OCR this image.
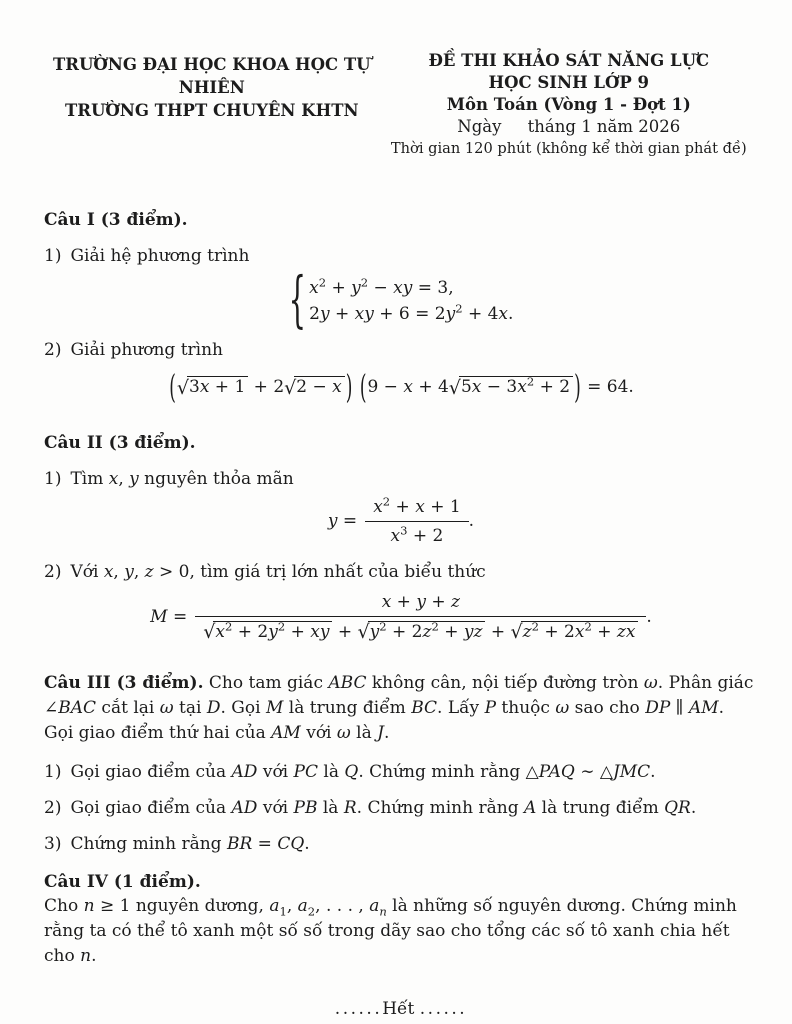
TRƯỜNG ĐẠI HỌC KHOA HỌC TỰ NHIÊN
TRƯỜNG THPT CHUYÊN KHTN
ĐỀ THI KHẢO SÁT NĂNG LỰC
HỌC SINH LỚP 9
Môn Toán (Vòng 1 - Đợt 1)
Ngày     tháng 1 năm 2026
Thời gian 120 phút (không kể thời gian phát đề)
Câu I (3 điểm).
1) Giải hệ phương trình
{ $x^2 + y^2$ − xy = 3,
2y + xy + $6 = 2y^2 + 4x$.
2) Giải phương trình
(√3x + 1 + 2√2 − x ) ($9 - x + 4√5x - 3x^2 + 2$ ) = 64.
Câu II (3 điểm).
1) Tìm x, y nguyên thỏa mãn
$y = \frac{x^2 + x + 1}{x^3 + 2}$ .
2) Với x, y, z > 0, tìm giá trị lớn nhất của biểu thức
$M = \frac{x + y + z}{√x^2 + 2y^2 + xy + √y^2 + 2z^2 + yz + √z^2 + 2x^2 + zx}$ .

Câu III (3 điểm). Cho tam giác ABC không cân, nội tiếp đường tròn ω. Phân giác ∠BAC cắt lại ω tại D. Gọi M là trung điểm BC. Lấy P thuộc ω sao cho DP ∥ AM. Gọi giao điểm thứ hai của AM với ω là J.

1) Gọi giao điểm của AD với PC là Q. Chứng minh rằng △PAQ ∼ △JMC.
2) Gọi giao điểm của AD với PB là R. Chứng minh rằng A là trung điểm QR.
3) Chứng minh rằng BR = CQ.
Câu IV (1 điểm).
Cho n ≥ 1 nguyên dương, $a_1$, $a_2$, . . . , $a_n$ là những số nguyên dương. Chứng minh rằng ta có thể tô xanh một số số trong dãy sao cho tổng các số tô xanh chia hết cho n.
......Hết ......
